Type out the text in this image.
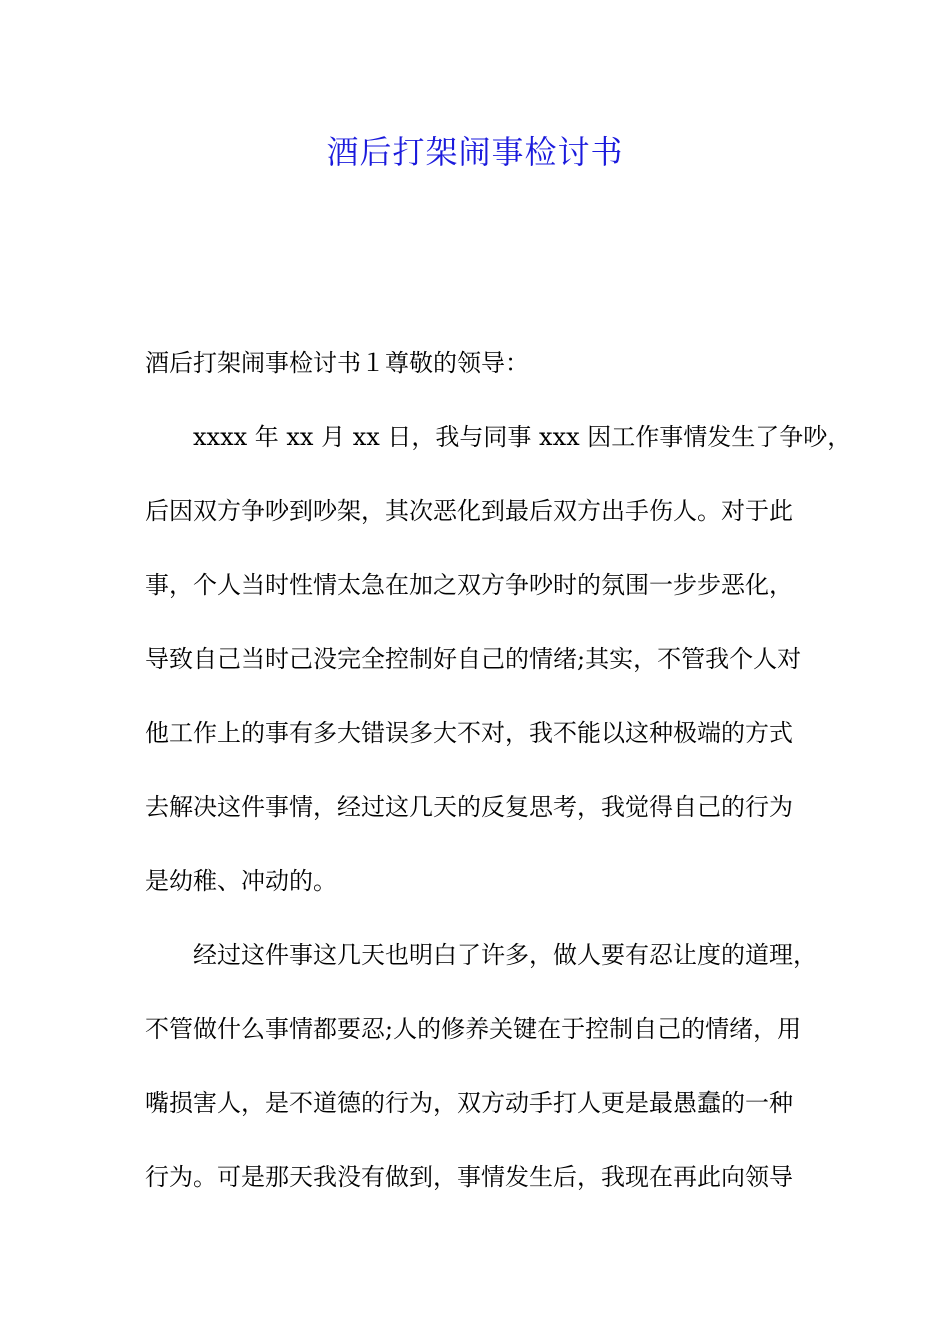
酒后打架闹事检讨书
酒后打架闹事检讨书１尊敬的领导：
xxxx 年 xx 月 xx 日，我与同事 xxx 因工作事情发生了争吵，
后因双方争吵到吵架，其次恶化到最后双方出手伤人。对于此
事，个人当时性情太急在加之双方争吵时的氛围一步步恶化，
导致自己当时己没完全控制好自己的情绪;其实，不管我个人对
他工作上的事有多大错误多大不对，我不能以这种极端的方式
去解决这件事情，经过这几天的反复思考，我觉得自己的行为
是幼稚、冲动的。
经过这件事这几天也明白了许多，做人要有忍让度的道理，
不管做什么事情都要忍;人的修养关键在于控制自己的情绪，用
嘴损害人，是不道德的行为，双方动手打人更是最愚蠢的一种
行为。可是那天我没有做到，事情发生后，我现在再此向领导
